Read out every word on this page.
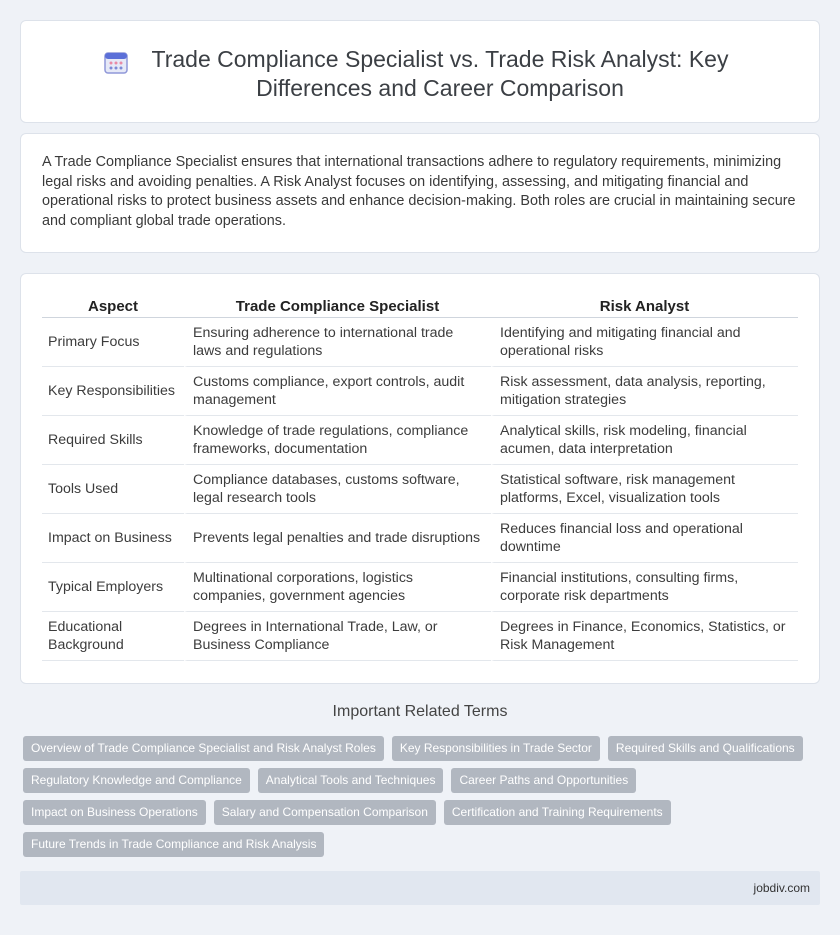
Trade Compliance Specialist vs. Trade Risk Analyst: Key Differences and Career Comparison

A Trade Compliance Specialist ensures that international transactions adhere to regulatory requirements, minimizing legal risks and avoiding penalties. A Risk Analyst focuses on identifying, assessing, and mitigating financial and operational risks to protect business assets and enhance decision-making. Both roles are crucial in maintaining secure and compliant global trade operations.

Aspect	Trade Compliance Specialist	Risk Analyst
Primary Focus	Ensuring adherence to international trade laws and regulations	Identifying and mitigating financial and operational risks
Key Responsibilities	Customs compliance, export controls, audit management	Risk assessment, data analysis, reporting, mitigation strategies
Required Skills	Knowledge of trade regulations, compliance frameworks, documentation	Analytical skills, risk modeling, financial acumen, data interpretation
Tools Used	Compliance databases, customs software, legal research tools	Statistical software, risk management platforms, Excel, visualization tools
Impact on Business	Prevents legal penalties and trade disruptions	Reduces financial loss and operational downtime
Typical Employers	Multinational corporations, logistics companies, government agencies	Financial institutions, consulting firms, corporate risk departments
Educational Background	Degrees in International Trade, Law, or Business Compliance	Degrees in Finance, Economics, Statistics, or Risk Management
Important Related Terms
Overview of Trade Compliance Specialist and Risk Analyst Roles	Key Responsibilities in Trade Sector	Required Skills and Qualifications
Regulatory Knowledge and Compliance	Analytical Tools and Techniques	Career Paths and Opportunities
Impact on Business Operations	Salary and Compensation Comparison	Certification and Training Requirements
Future Trends in Trade Compliance and Risk Analysis
jobdiv.com
